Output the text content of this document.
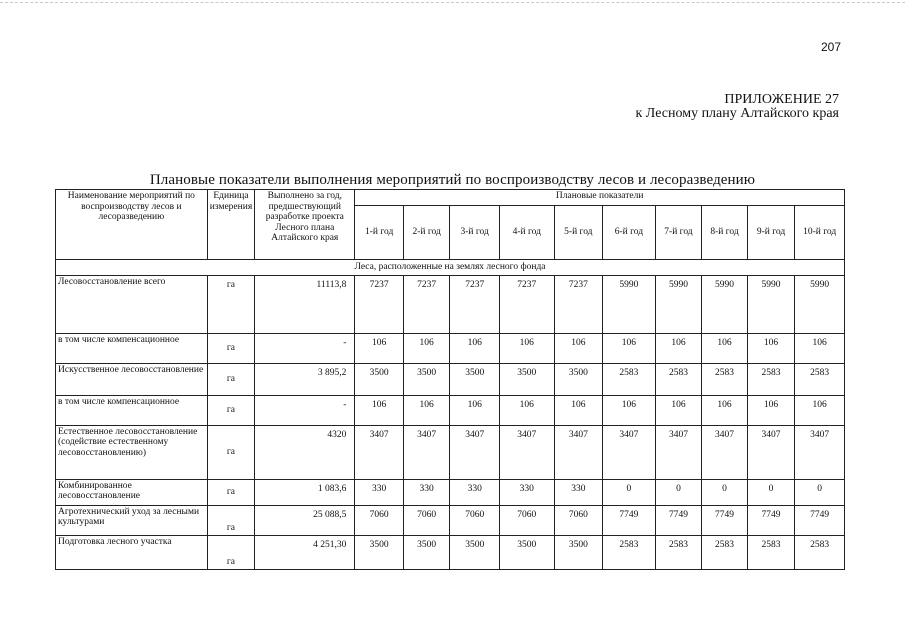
207
ПРИЛОЖЕНИЕ 27
к Лесному плану Алтайского края
Плановые показатели выполнения мероприятий по воспроизводству лесов и лесоразведению
Наименование мероприятий по воспроизводству лесов и лесоразведению	Единица измерения	Выполнено за год, предшествующий разработке проекта Лесного плана Алтайского края	Плановые показатели									
			1-й год	2-й год	3-й год	4-й год	5-й год	6-й год	7-й год	8-й год	9-й год	10-й год
Леса, расположенные на землях лесного фонда												
Лесовосстановление всего	га	11113,8	7237	7237	7237	7237	7237	5990	5990	5990	5990	5990
в том числе компенсационное	га	-	106	106	106	106	106	106	106	106	106	106
Искусственное лесовосстановление	га	3 895,2	3500	3500	3500	3500	3500	2583	2583	2583	2583	2583
в том числе компенсационное	га	-	106	106	106	106	106	106	106	106	106	106
Естественное лесовосстановление (содействие естественному лесовосстановлению)	га	4320	3407	3407	3407	3407	3407	3407	3407	3407	3407	3407
Комбинированное лесовосстановление	га	1 083,6	330	330	330	330	330	0	0	0	0	0
Агротехнический уход за лесными культурами	га	25 088,5	7060	7060	7060	7060	7060	7749	7749	7749	7749	7749
Подготовка лесного участка	га	4 251,30	3500	3500	3500	3500	3500	2583	2583	2583	2583	2583
